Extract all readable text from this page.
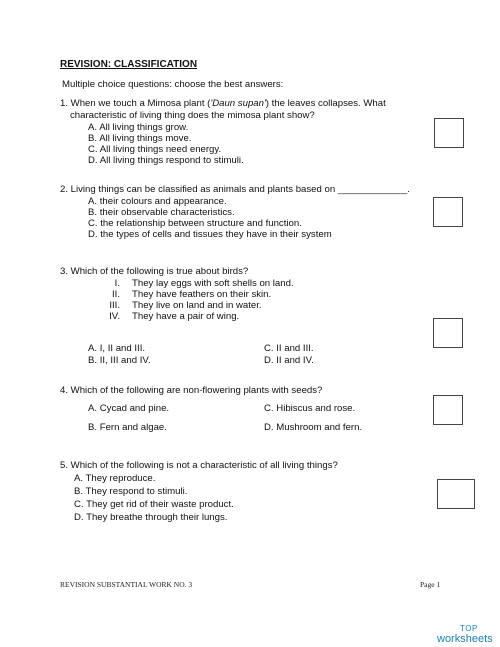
REVISION: CLASSIFICATION
Multiple choice questions: choose the best answers:
1. When we touch a Mimosa plant ('Daun supan') the leaves collapses. What
characteristic of living thing does the mimosa plant show?
A. All living things grow.
B. All living things move.
C. All living things need energy.
D. All living things respond to stimuli.
2. Living things can be classified as animals and plants based on _____________.
A. their colours and appearance.
B. their observable characteristics.
C. the relationship between structure and function.
D. the types of cells and tissues they have in their system
3. Which of the following is true about birds?
I. They lay eggs with soft shells on land.
II. They have feathers on their skin.
III. They live on land and in water.
IV. They have a pair of wing.
A. I, II and III.	C. II and III.
B. II, III and IV.	D. II and IV.
4. Which of the following are non-flowering plants with seeds?
A. Cycad and pine.	C. Hibiscus and rose.
B. Fern and algae.	D. Mushroom and fern.
5. Which of the following is not a characteristic of all living things?
A. They reproduce.
B. They respond to stimuli.
C. They get rid of their waste product.
D. They breathe through their lungs.
REVISION SUBSTANTIAL WORK NO. 3	Page 1
TOP
worksheets
